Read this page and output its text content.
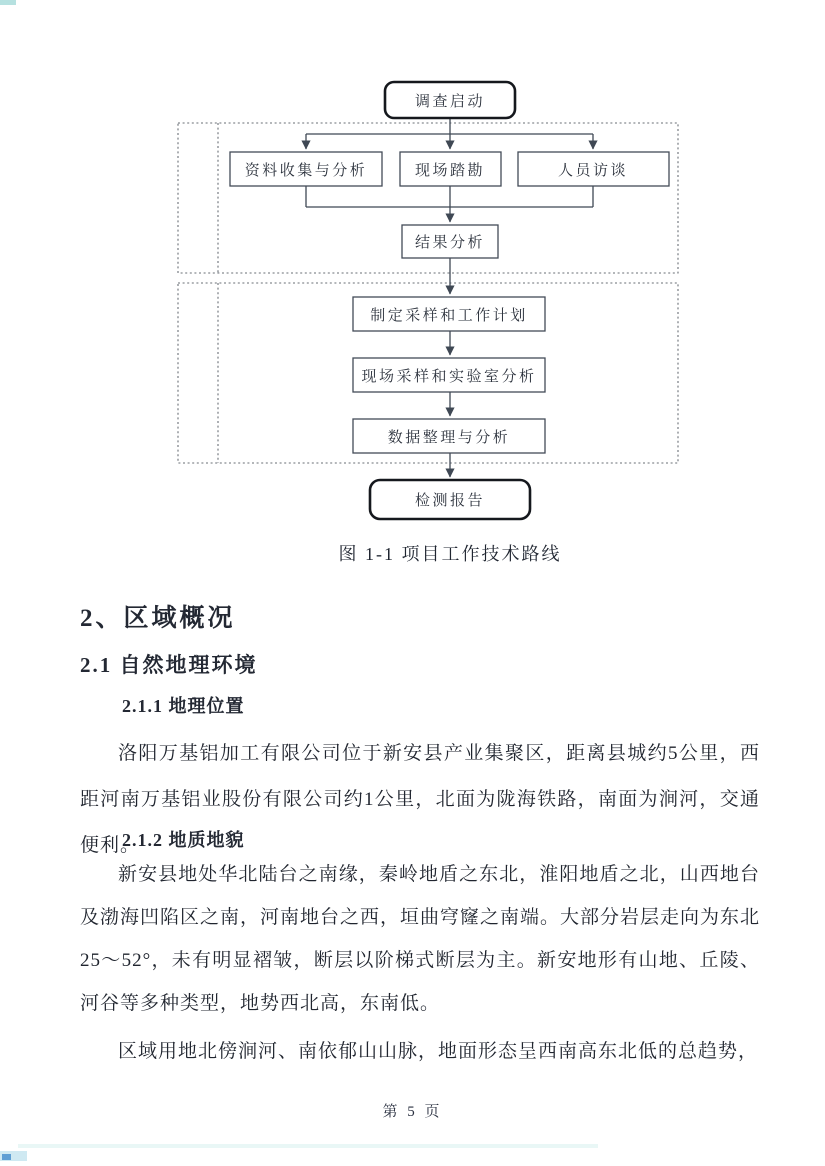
调查启动
资料收集与分析	现场踏勘	人员访谈
结果分析
制定采样和工作计划
现场采样和实验室分析
数据整理与分析
检测报告
图 1-1 项目工作技术路线
2、区域概况
2.1 自然地理环境
2.1.1 地理位置
洛阳万基铝加工有限公司位于新安县产业集聚区，距离县城约5公里，西距河南万基铝业股份有限公司约1公里，北面为陇海铁路，南面为涧河，交通便利。
2.1.2 地质地貌
新安县地处华北陆台之南缘，秦岭地盾之东北，淮阳地盾之北，山西地台及渤海凹陷区之南，河南地台之西，垣曲穹窿之南端。大部分岩层走向为东北25～52°，未有明显褶皱，断层以阶梯式断层为主。新安地形有山地、丘陵、河谷等多种类型，地势西北高，东南低。
区域用地北傍涧河、南依郁山山脉，地面形态呈西南高东北低的总趋势，
第 5 页
